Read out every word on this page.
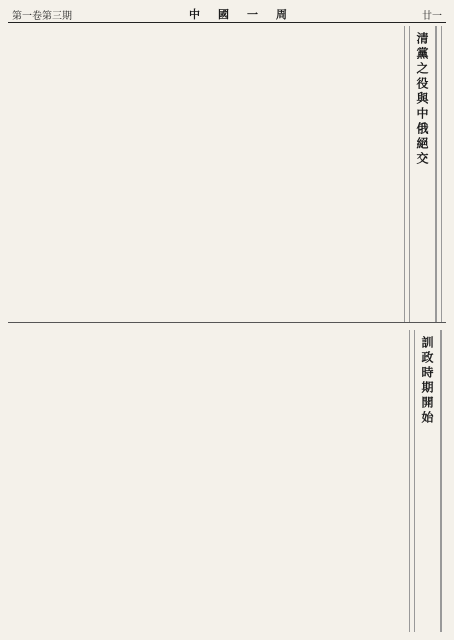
第一卷第三期	中國一周	廿一
清黨之役與中俄絕交
訓政時期開始
